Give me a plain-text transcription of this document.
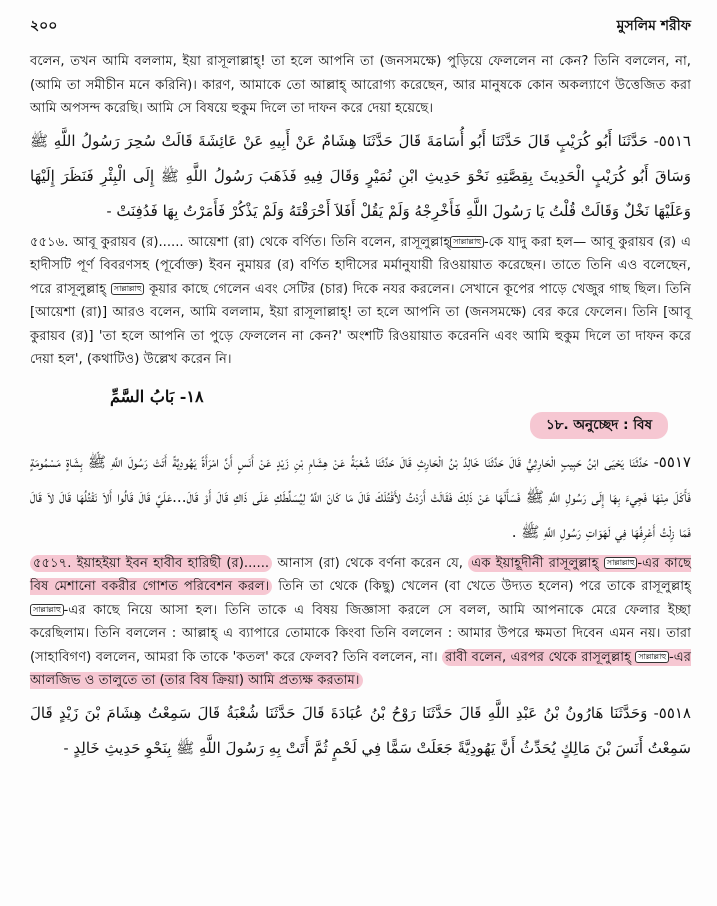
২০০	মুসলিম শরীফ

বলেন, তখন আমি বললাম, ইয়া রাসূলাল্লাহ্! তা হলে আপনি তা (জনসমক্ষে) পুড়িয়ে ফেললেন না কেন? তিনি বললেন, না, (আমি তা সমীচীন মনে করিনি)। কারণ, আমাকে তো আল্লাহ্ আরোগ্য করেছেন, আর মানুষকে কোন অকল্যাণে উত্তেজিত করা আমি অপসন্দ করেছি। আমি সে বিষয়ে হুকুম দিলে তা দাফন করে দেয়া হয়েছে।

٥٥١٦- حَدَّثَنَا أَبُو كُرَيْبٍ قَالَ حَدَّثَنَا أَبُو أُسَامَةَ قَالَ حَدَّثَنَا هِشَامٌ عَنْ أَبِيهِ عَنْ عَائِشَةَ قَالَتْ سُحِرَ رَسُولُ اللَّهِ ﷺ وَسَاقَ أَبُو كُرَيْبٍ الْحَدِيثَ بِقِصَّتِهِ نَحْوَ حَدِيثِ ابْنِ نُمَيْرٍ وَقَالَ فِيهِ فَذَهَبَ رَسُولُ اللَّهِ ﷺ إِلَى الْبِئْرِ فَنَظَرَ إِلَيْهَا وَعَلَيْهَا نَخْلٌ وَقَالَتْ قُلْتُ يَا رَسُولَ اللَّهِ فَأَخْرِجْهُ وَلَمْ يَقُلْ أَفَلاَ أَحْرَقْتَهُ وَلَمْ يَذْكُرْ فَأَمَرْتُ بِهَا فَدُفِنَتْ -

৫৫১৬. আবূ কুরায়ব (র)...... আয়েশা (রা) থেকে বর্ণিত। তিনি বলেন, রাসূলুল্লাহ্ সাল্লাল্লাহু -কে যাদু করা হল— আবূ কুরায়ব (র) এ হাদীসটি পূর্ণ বিবরণসহ (পূর্বোক্ত) ইবন নুমায়র (র) বর্ণিত হাদীসের মর্মানুযায়ী রিওয়ায়াত করেছেন। তাতে তিনি এও বলেছেন, পরে রাসূলুল্লাহ্ সাল্লাল্লাহু কূয়ার কাছে গেলেন এবং সেটির (চার) দিকে নযর করলেন। সেখানে কূপের পাড়ে খেজুর গাছ ছিল। তিনি [আয়েশা (রা)] আরও বলেন, আমি বললাম, ইয়া রাসূলাল্লাহ্! তা হলে আপনি তা (জনসমক্ষে) বের করে ফেলেন। তিনি [আবূ কুরায়ব (র)] 'তা হলে আপনি তা পুড়ে ফেললেন না কেন?' অংশটি রিওয়ায়াত করেননি এবং আমি হুকুম দিলে তা দাফন করে দেয়া হল', (কথাটিও) উল্লেখ করেন নি।

١٨- بَابُ السَّمِّ

১৮. অনুচ্ছেদ : বিষ

٥٥١٧- حَدَّثَنَا يَحْيَى ابْنُ حَبِيبٍ الْحَارِثِيُّ قَالَ حَدَّثَنَا خَالِدُ بْنُ الْحَارِثِ قَالَ حَدَّثَنَا شُعْبَةُ عَنْ هِشَامِ بْنِ زَيْدٍ عَنْ أَنَسٍ أَنَّ امْرَأَةً يَهُودِيَّةً أَتَتْ رَسُولَ اللَّهِ ﷺ بِشَاةٍ مَسْمُومَةٍ فَأَكَلَ مِنْهَا فَجِيءَ بِهَا إِلَى رَسُولِ اللَّهِ ﷺ فَسَأَلَهَا عَنْ ذَلِكَ فَقَالَتْ أَرَدْتُ لأَقْتُلَكَ قَالَ مَا كَانَ اللَّهُ لِيُسَلِّطَكِ عَلَى ذَاكِ قَالَ أَوْ قَالَ...عَلَيَّ قَالَ قَالُوا أَلاَ نَقْتُلُهَا قَالَ لاَ قَالَ فَمَا زِلْتُ أَعْرِفُهَا فِي لَهَوَاتِ رَسُولِ اللَّهِ ﷺ .

৫৫১৭. ইয়াহইয়া ইবন হাবীব হারিছী (র)...... আনাস (রা) থেকে বর্ণনা করেন যে, এক ইয়াহূদীনী রাসূলুল্লাহ্ সাল্লাল্লাহু -এর কাছে বিষ মেশানো বকরীর গোশত পরিবেশন করল। তিনি তা থেকে (কিছু) খেলেন (বা খেতে উদ্যত হলেন) পরে তাকে রাসূলুল্লাহ্ সাল্লাল্লাহু -এর কাছে নিয়ে আসা হল। তিনি তাকে এ বিষয় জিজ্ঞাসা করলে সে বলল, আমি আপনাকে মেরে ফেলার ইচ্ছা করেছিলাম। তিনি বললেন : আল্লাহ্ এ ব্যাপারে তোমাকে কিংবা তিনি বললেন : আমার উপরে ক্ষমতা দিবেন এমন নয়। তারা (সাহাবিগণ) বললেন, আমরা কি তাকে 'কতল' করে ফেলব? তিনি বললেন, না। রাবী বলেন, এরপর থেকে রাসূলুল্লাহ্ সাল্লাল্লাহু -এর আলজিভ ও তালুতে তা (তার বিষ ক্রিয়া) আমি প্রত্যক্ষ করতাম।

٥٥١٨- وَحَدَّثَنَا هَارُونُ بْنُ عَبْدِ اللَّهِ قَالَ حَدَّثَنَا رَوْحُ بْنُ عُبَادَةَ قَالَ حَدَّثَنَا شُعْبَةُ قَالَ سَمِعْتُ هِشَامَ بْنَ زَيْدٍ قَالَ سَمِعْتُ أَنَسَ بْنَ مَالِكٍ يُحَدِّثُ أَنَّ يَهُودِيَّةً جَعَلَتْ سَمًّا فِي لَحْمٍ ثُمَّ أَتَتْ بِهِ رَسُولَ اللَّهِ ﷺ بِنَحْوِ حَدِيثِ خَالِدٍ -
